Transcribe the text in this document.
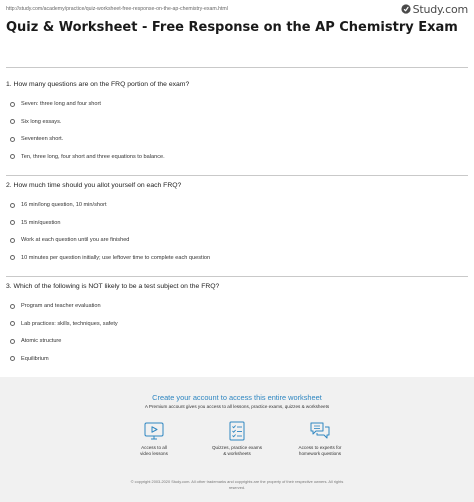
http://study.com/academy/practice/quiz-worksheet-free-response-on-the-ap-chemistry-exam.html	Study.com
Quiz & Worksheet - Free Response on the AP Chemistry Exam
1. How many questions are on the FRQ portion of the exam?
Seven: three long and four short
Six long essays.
Seventeen short.
Ten, three long, four short and three equations to balance.
2. How much time should you allot yourself on each FRQ?
16 min/long question, 10 min/short
15 min/question
Work at each question until you are finished
10 minutes per question initially; use leftover time to complete each question
3. Which of the following is NOT likely to be a test subject on the FRQ?
Program and teacher evaluation
Lab practices: skills, techniques, safety
Atomic structure
Equilibrium
Create your account to access this entire worksheet
A Premium account gives you access to all lessons, practice exams, quizzes & worksheets
Access to all
video lessons
Quizzes, practice exams
& worksheets
Access to experts for
homework questions
© copyright 2003-2020 Study.com. All other trademarks and copyrights are the property of their respective owners. All rights
reserved.
